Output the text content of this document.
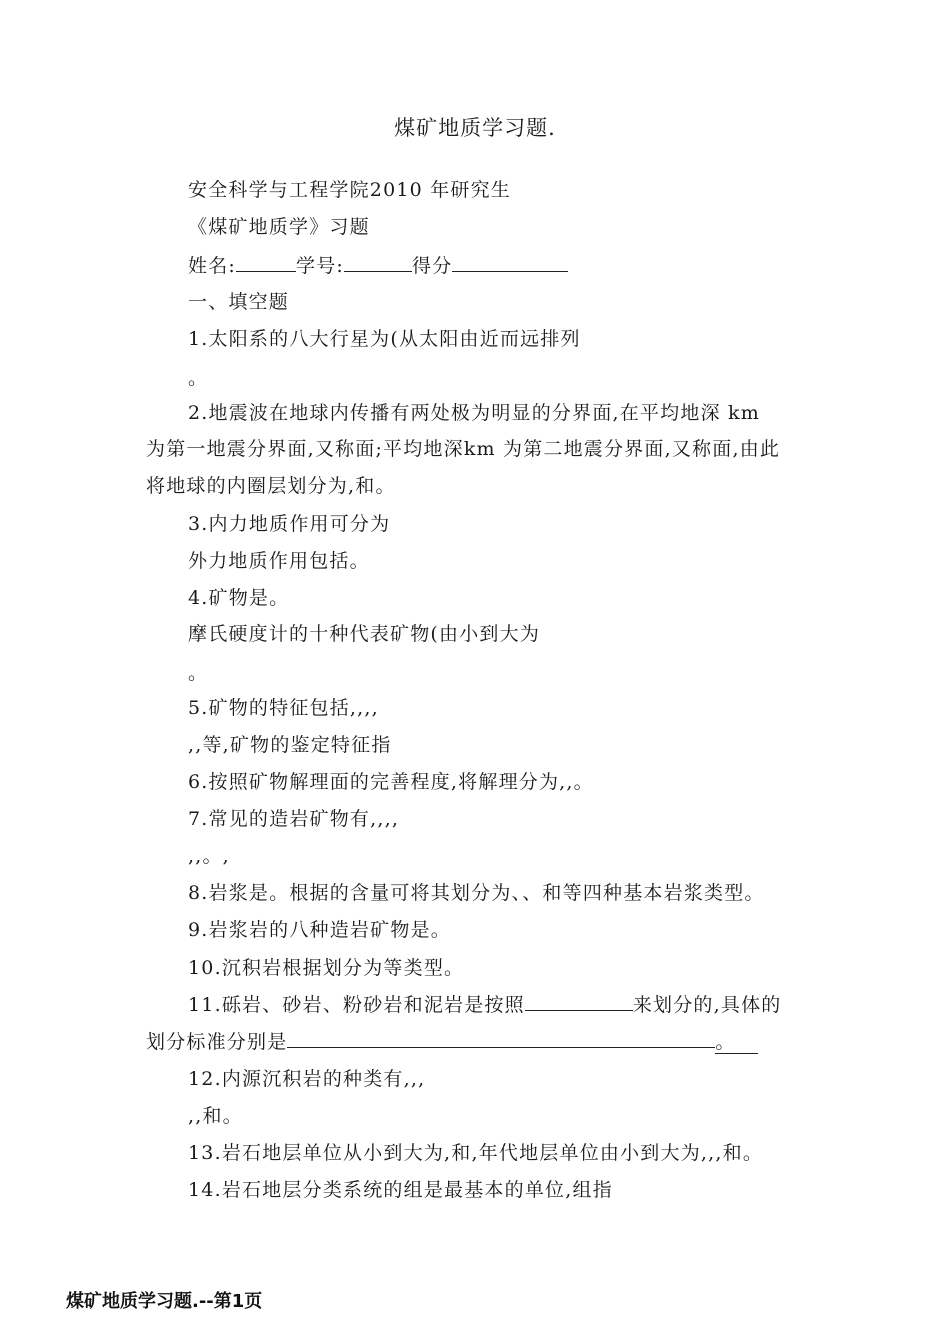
煤矿地质学习题.
安全科学与工程学院2010 年研究生
《煤矿地质学》习题
姓名:	学号:	得分
一、填空题
1.太阳系的八大行星为(从太阳由近而远排列
。
2.地震波在地球内传播有两处极为明显的分界面,在平均地深 km
为第一地震分界面,又称面;平均地深km 为第二地震分界面,又称面,由此
将地球的内圈层划分为,和。
3.内力地质作用可分为
外力地质作用包括。
4.矿物是。
摩氏硬度计的十种代表矿物(由小到大为
。
5.矿物的特征包括,,,,
,,等,矿物的鉴定特征指
6.按照矿物解理面的完善程度,将解理分为,,。
7.常见的造岩矿物有,,,,
,,。,
8.岩浆是。根据的含量可将其划分为、、和等四种基本岩浆类型。
9.岩浆岩的八种造岩矿物是。
10.沉积岩根据划分为等类型。
11.砾岩、砂岩、粉砂岩和泥岩是按照	来划分的,具体的
划分标准分别是	。
12.内源沉积岩的种类有,,,
,,和。
13.岩石地层单位从小到大为,和,年代地层单位由小到大为,,,和。
14.岩石地层分类系统的组是最基本的单位,组指
煤矿地质学习题.--第1页
